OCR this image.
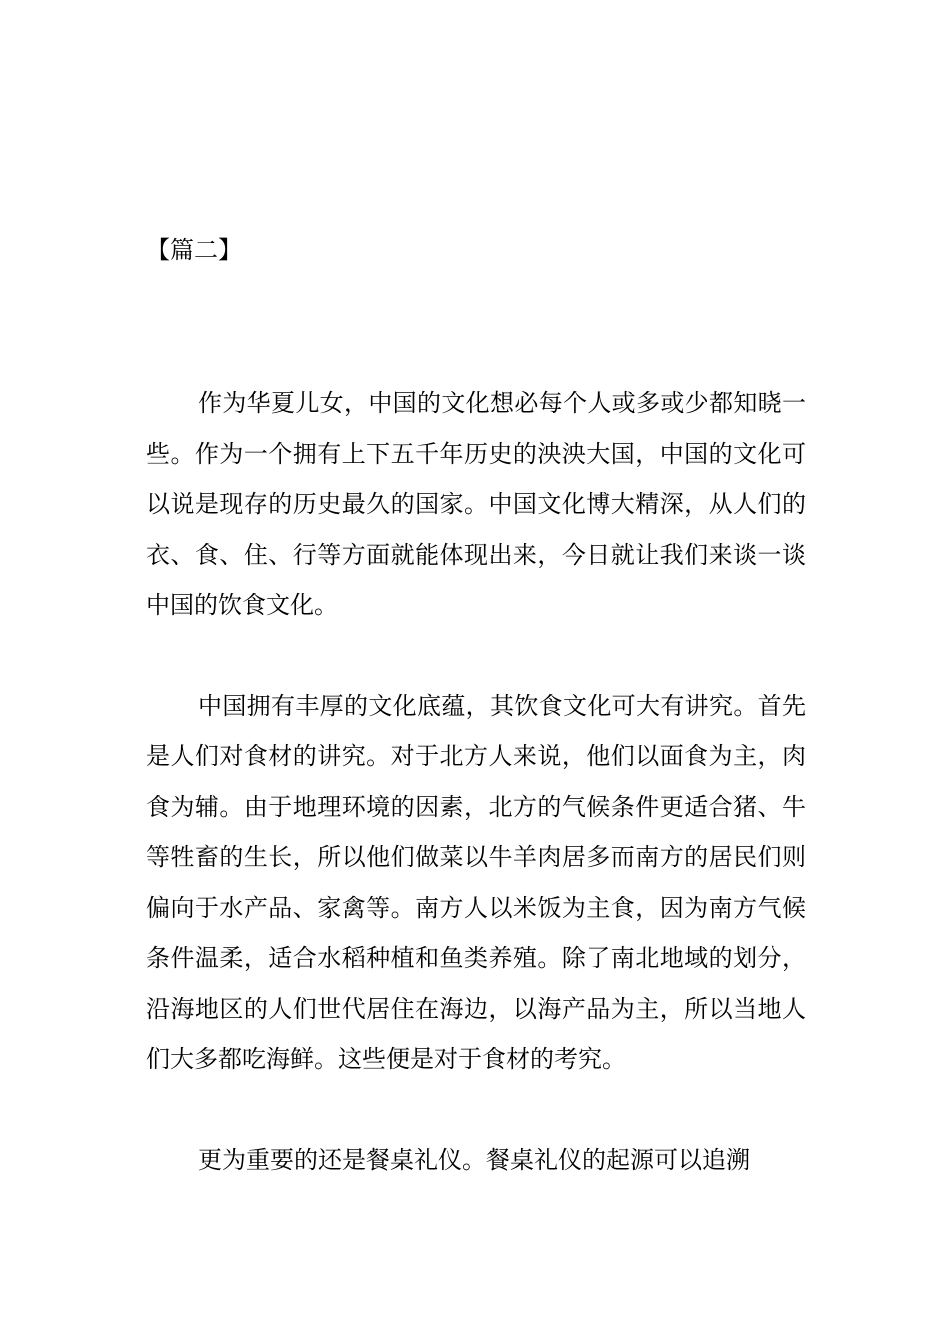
【篇二】

作为华夏儿女，中国的文化想必每个人或多或少都知晓一些。作为一个拥有上下五千年历史的泱泱大国，中国的文化可以说是现存的历史最久的国家。中国文化博大精深，从人们的衣、食、住、行等方面就能体现出来，今日就让我们来谈一谈中国的饮食文化。

中国拥有丰厚的文化底蕴，其饮食文化可大有讲究。首先是人们对食材的讲究。对于北方人来说，他们以面食为主，肉食为辅。由于地理环境的因素，北方的气候条件更适合猪、牛等牲畜的生长，所以他们做菜以牛羊肉居多而南方的居民们则偏向于水产品、家禽等。南方人以米饭为主食，因为南方气候条件温柔，适合水稻种植和鱼类养殖。除了南北地域的划分，沿海地区的人们世代居住在海边，以海产品为主，所以当地人们大多都吃海鲜。这些便是对于食材的考究。

更为重要的还是餐桌礼仪。餐桌礼仪的起源可以追溯
